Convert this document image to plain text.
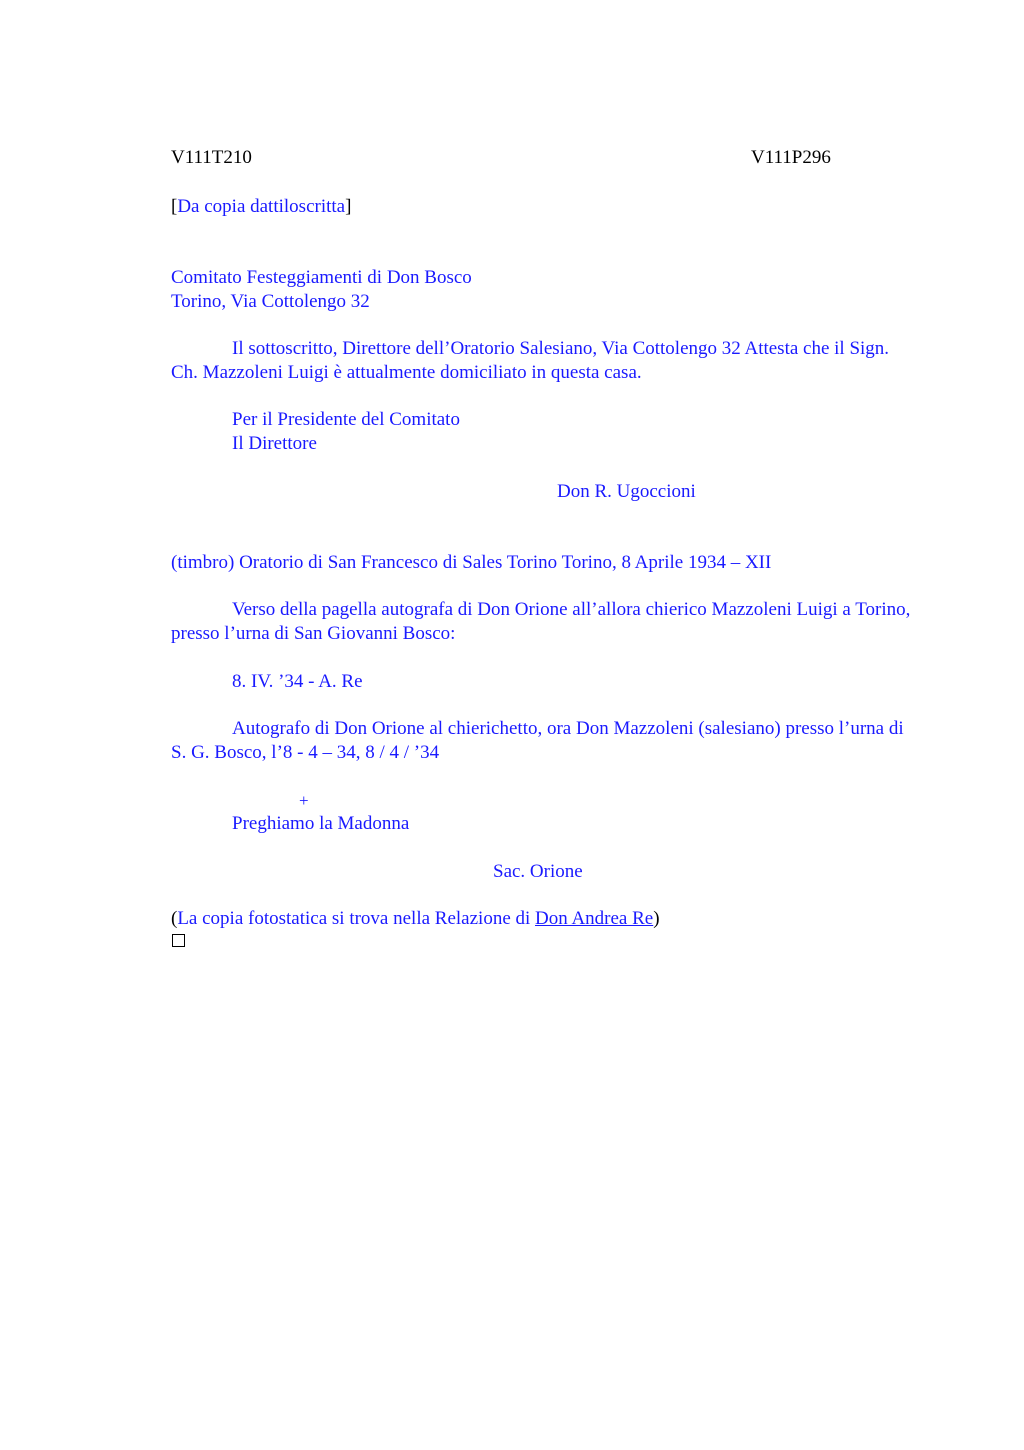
V111T210	V111P296
[Da copia dattiloscritta]
Comitato Festeggiamenti di Don Bosco
Torino, Via Cottolengo 32
Il sottoscritto, Direttore dell’Oratorio Salesiano, Via Cottolengo 32 Attesta che il Sign. Ch. Mazzoleni Luigi è attualmente domiciliato in questa casa.
Per il Presidente del Comitato
Il Direttore
Don R. Ugoccioni
(timbro) Oratorio di San Francesco di Sales Torino Torino, 8 Aprile 1934 – XII
Verso della pagella autografa di Don Orione all’allora chierico Mazzoleni Luigi a Torino, presso l’urna di San Giovanni Bosco:
8. IV. ’34 - A. Re
Autografo di Don Orione al chierichetto, ora Don Mazzoleni (salesiano) presso l’urna di S. G. Bosco, l’8 - 4 – 34, 8 / 4 / ’34
+
Preghiamo la Madonna
Sac. Orione
(La copia fotostatica si trova nella Relazione di Don Andrea Re)
